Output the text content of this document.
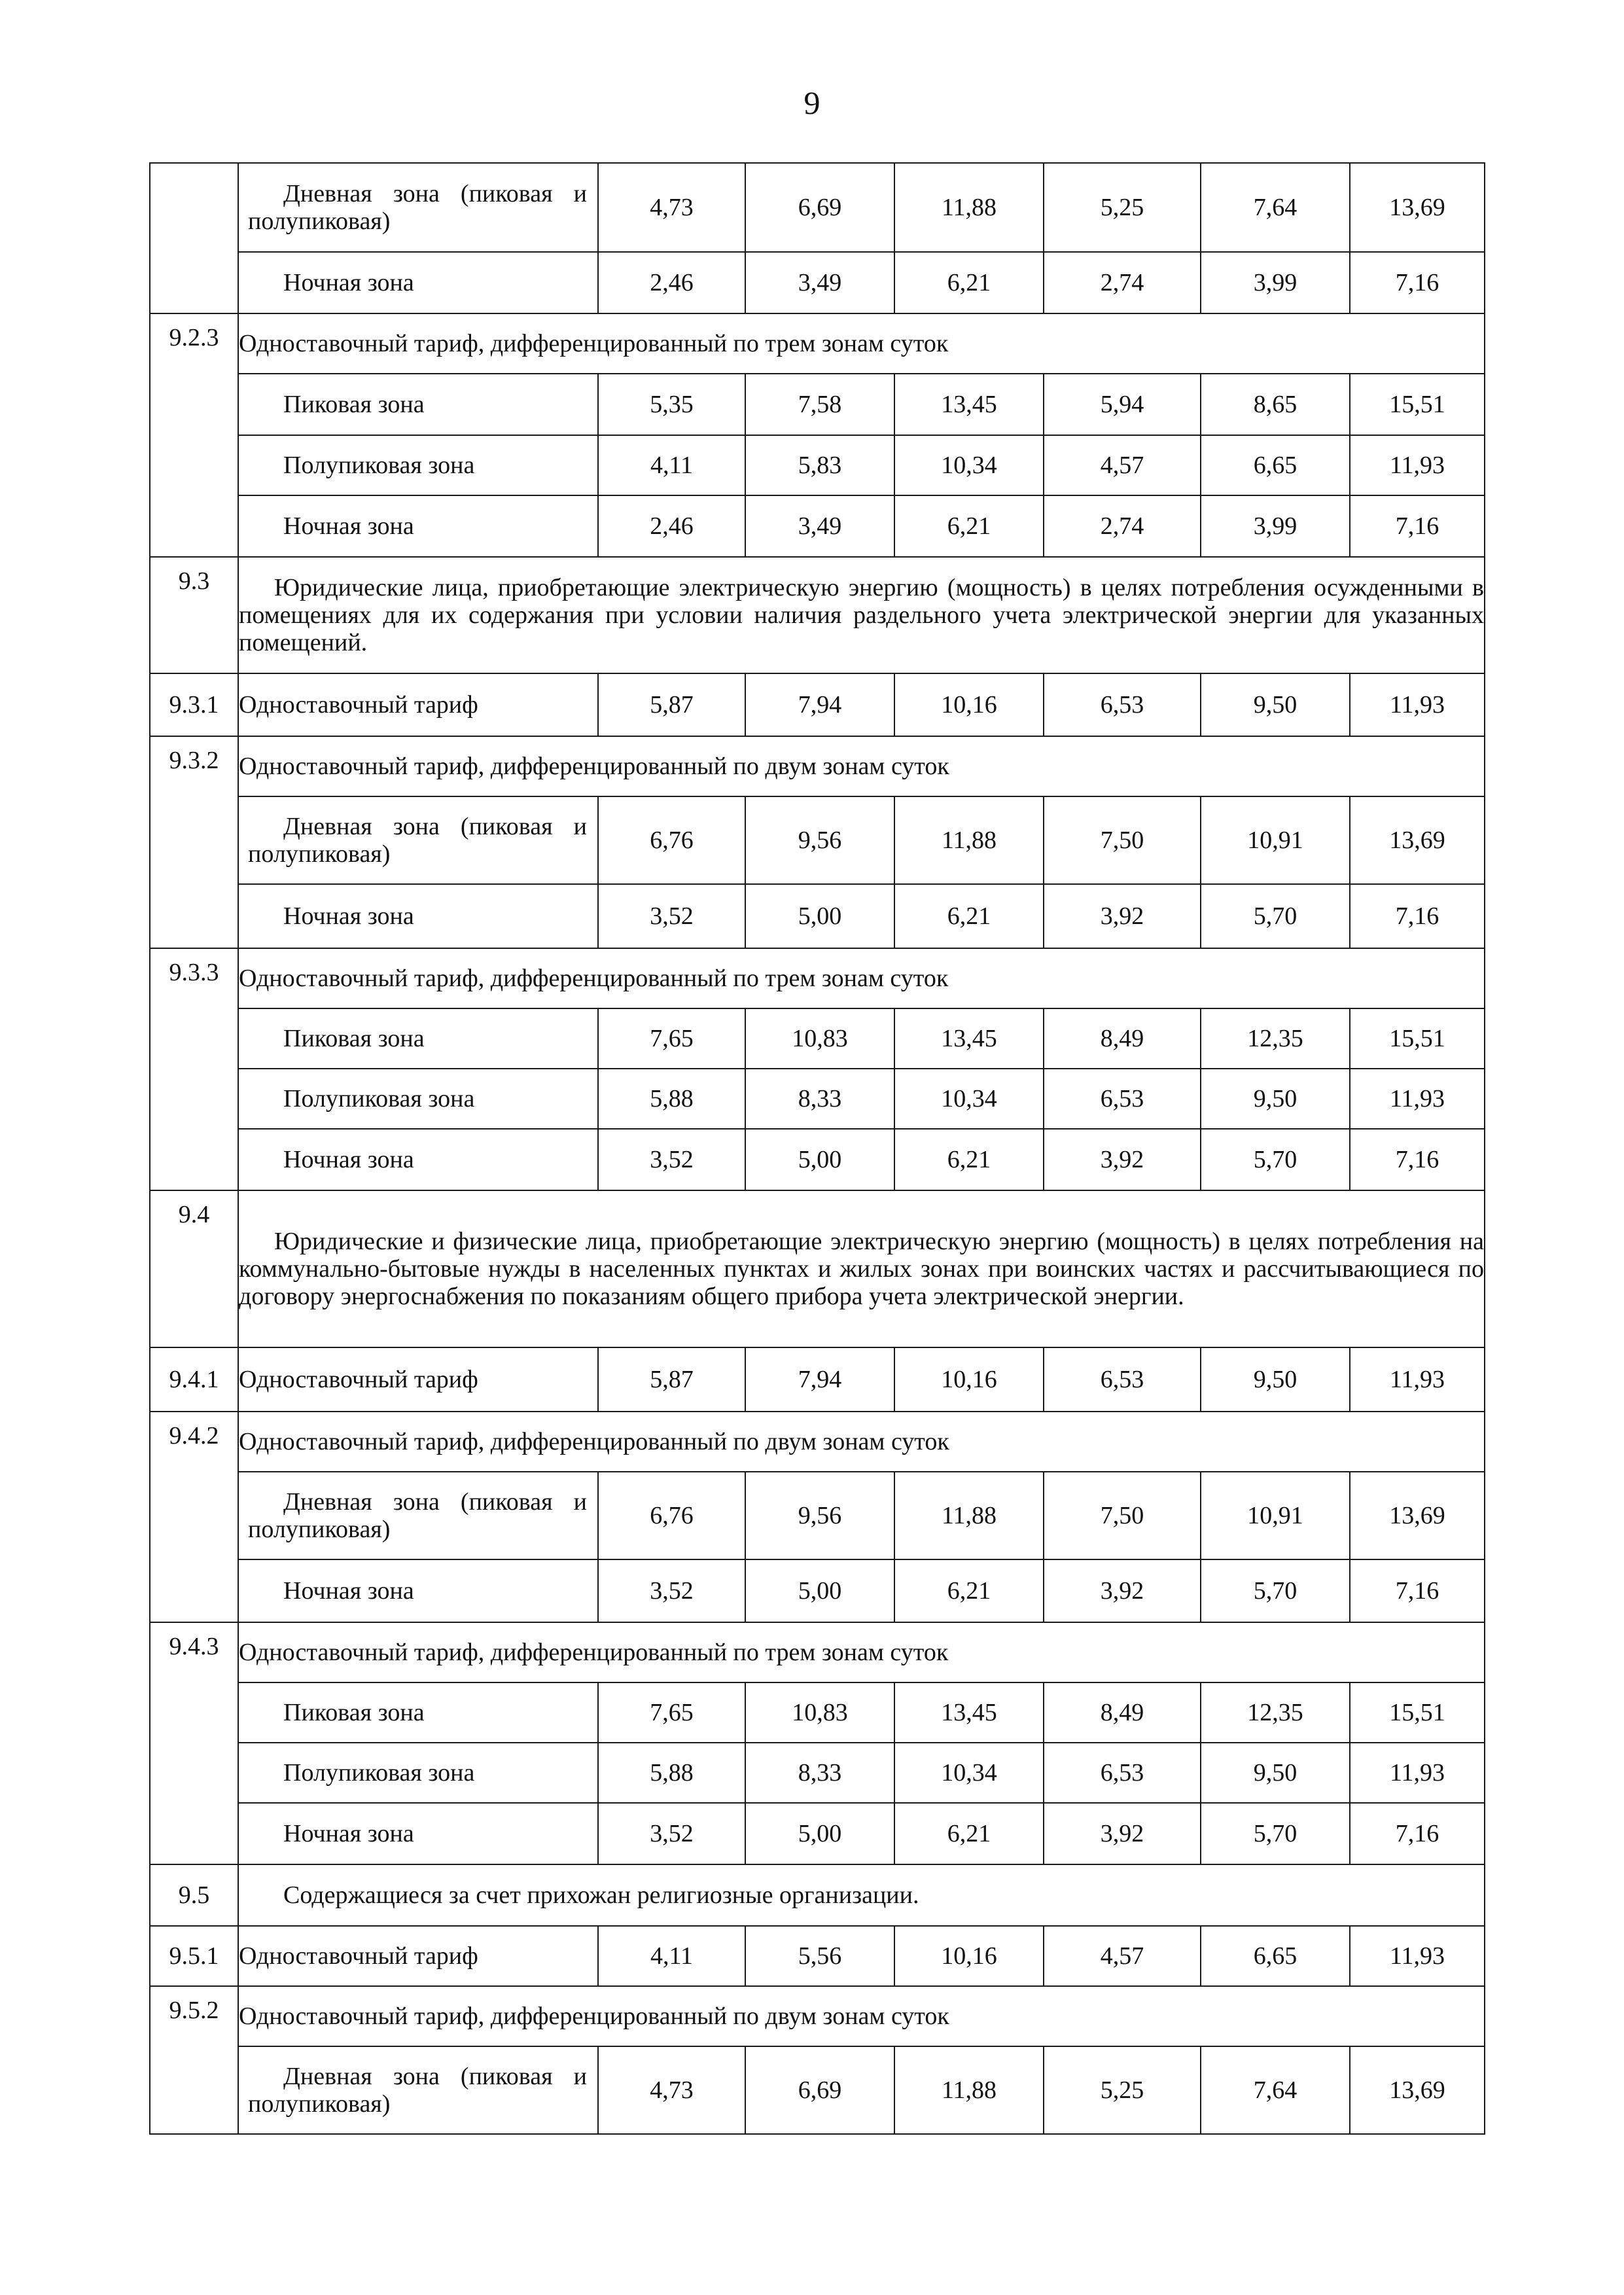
9
	Дневная зона (пиковая и полупиковая)	4,73	6,69	11,88	5,25	7,64	13,69
	Ночная зона	2,46	3,49	6,21	2,74	3,99	7,16
9.2.3	Одноставочный тариф, дифференцированный по трем зонам суток						
	Пиковая зона	5,35	7,58	13,45	5,94	8,65	15,51
	Полупиковая зона	4,11	5,83	10,34	4,57	6,65	11,93
	Ночная зона	2,46	3,49	6,21	2,74	3,99	7,16
9.3	Юридические лица, приобретающие электрическую энергию (мощность) в целях потребления осужденными в помещениях для их содержания при условии наличия раздельного учета электрической энергии для указанных помещений.						
9.3.1	Одноставочный тариф	5,87	7,94	10,16	6,53	9,50	11,93
9.3.2	Одноставочный тариф, дифференцированный по двум зонам суток						
	Дневная зона (пиковая и полупиковая)	6,76	9,56	11,88	7,50	10,91	13,69
	Ночная зона	3,52	5,00	6,21	3,92	5,70	7,16
9.3.3	Одноставочный тариф, дифференцированный по трем зонам суток						
	Пиковая зона	7,65	10,83	13,45	8,49	12,35	15,51
	Полупиковая зона	5,88	8,33	10,34	6,53	9,50	11,93
	Ночная зона	3,52	5,00	6,21	3,92	5,70	7,16
9.4	Юридические и физические лица, приобретающие электрическую энергию (мощность) в целях потребления на коммунально-бытовые нужды в населенных пунктах и жилых зонах при воинских частях и рассчитывающиеся по договору энергоснабжения по показаниям общего прибора учета электрической энергии.						
9.4.1	Одноставочный тариф	5,87	7,94	10,16	6,53	9,50	11,93
9.4.2	Одноставочный тариф, дифференцированный по двум зонам суток						
	Дневная зона (пиковая и полупиковая)	6,76	9,56	11,88	7,50	10,91	13,69
	Ночная зона	3,52	5,00	6,21	3,92	5,70	7,16
9.4.3	Одноставочный тариф, дифференцированный по трем зонам суток						
	Пиковая зона	7,65	10,83	13,45	8,49	12,35	15,51
	Полупиковая зона	5,88	8,33	10,34	6,53	9,50	11,93
	Ночная зона	3,52	5,00	6,21	3,92	5,70	7,16
9.5	Содержащиеся за счет прихожан религиозные организации.						
9.5.1	Одноставочный тариф	4,11	5,56	10,16	4,57	6,65	11,93
9.5.2	Одноставочный тариф, дифференцированный по двум зонам суток						
	Дневная зона (пиковая и полупиковая)	4,73	6,69	11,88	5,25	7,64	13,69
